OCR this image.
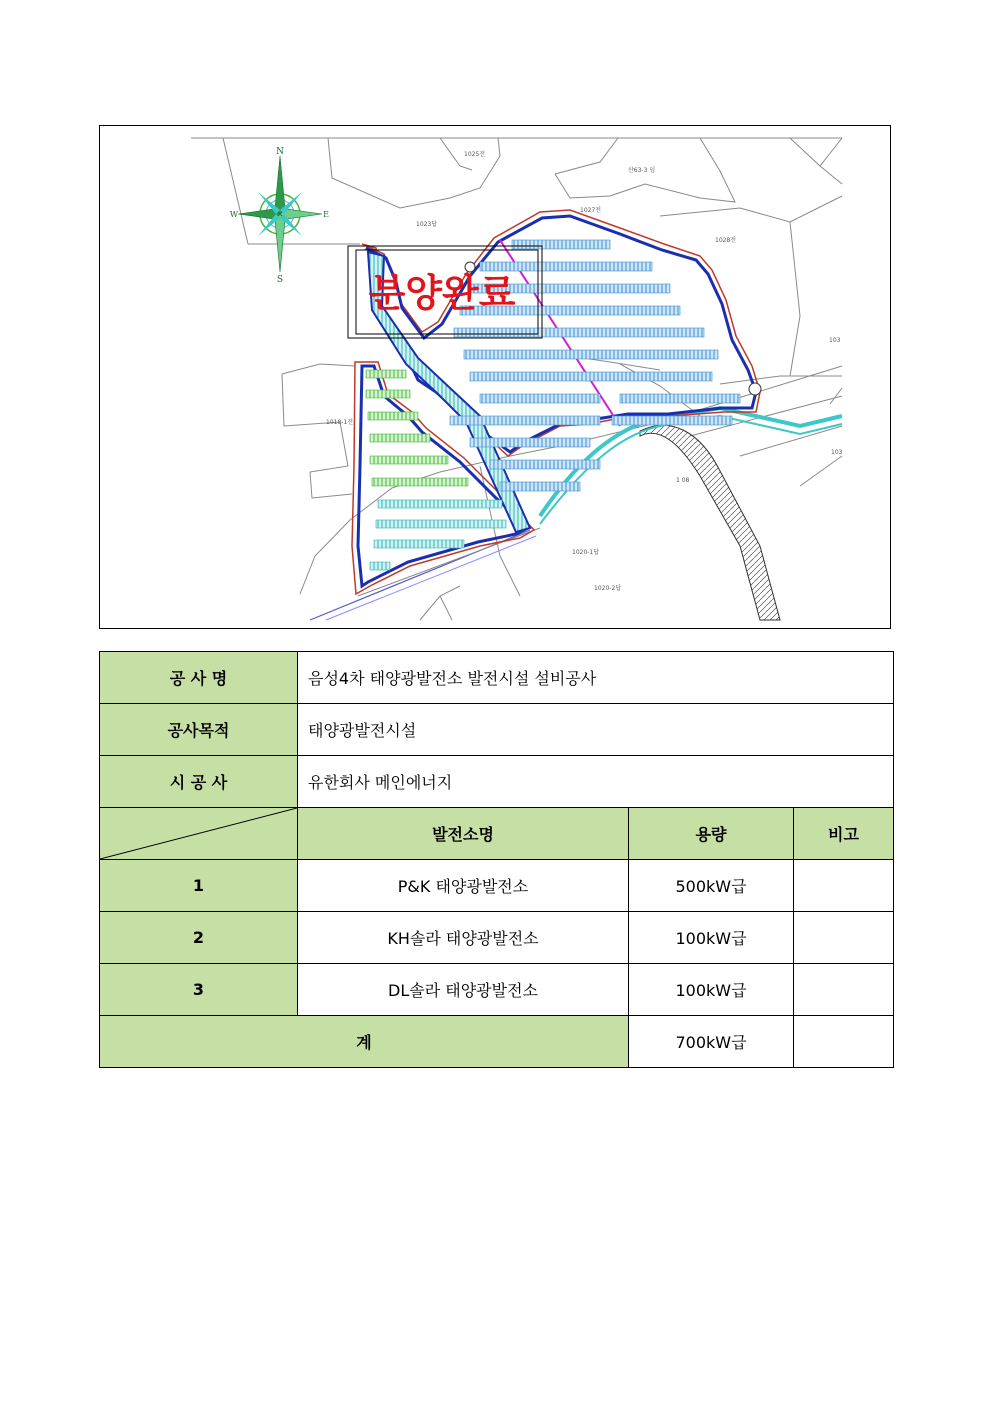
분양완료
N
S
W	E
1025전
1023답
1027전
1028전
산63-3 임
1018-1전
1020-1답
1020-2답
103
103
1 08
공 사 명	음성4차 태양광발전소 발전시설 설비공사		
공사목적	태양광발전시설		
시 공 사	유한회사 메인에너지		

	발전소명	용량	비고
1	P&K 태양광발전소	500kW급	
2	KH솔라 태양광발전소	100kW급	
3	DL솔라 태양광발전소	100kW급	
계		700kW급	
